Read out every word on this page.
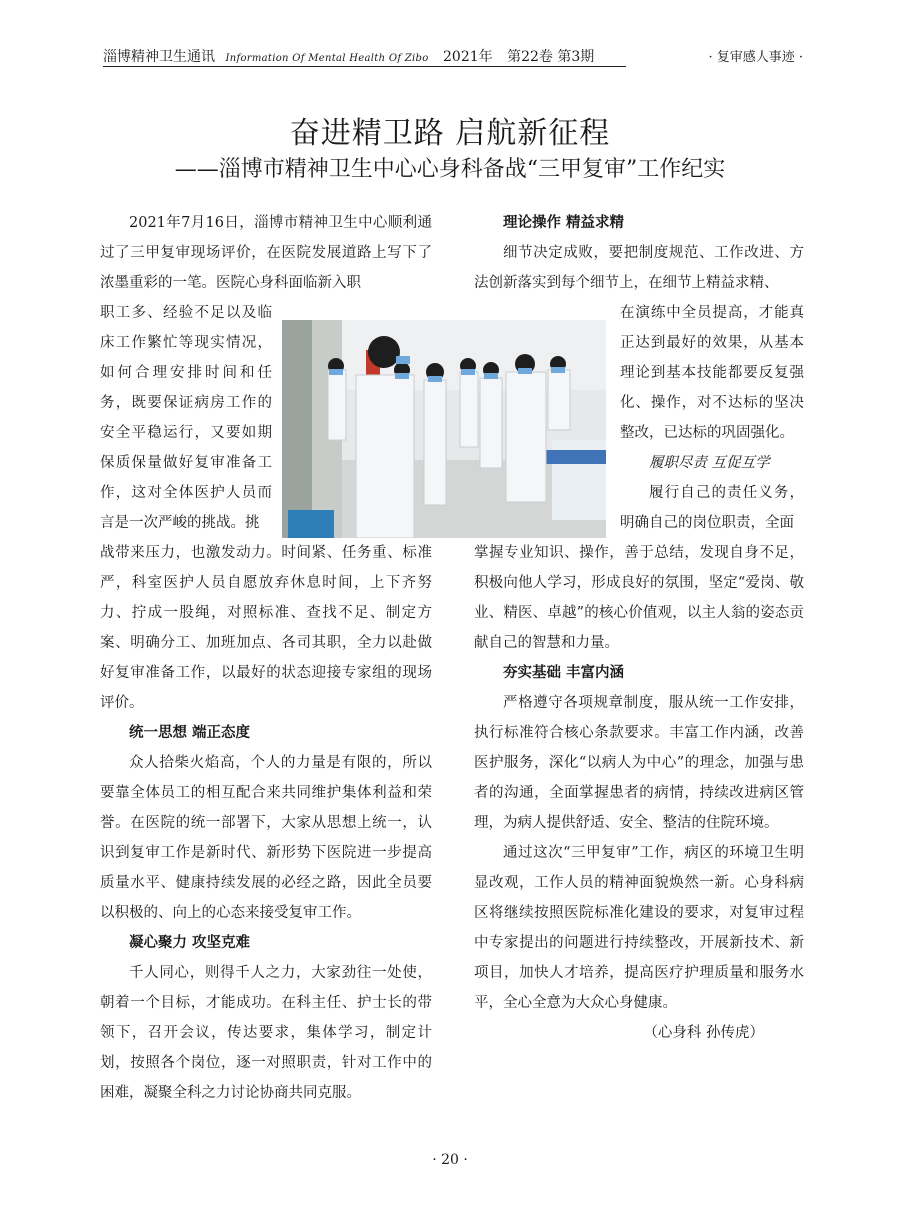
淄博精神卫生通讯 Information Of Mental Health Of Zibo 2021年 第22卷 第3期	· 复审感人事迹 ·
奋进精卫路 启航新征程
——淄博市精神卫生中心心身科备战“三甲复审”工作纪实

2021年7月16日，淄博市精神卫生中心顺利通过了三甲复审现场评价，在医院发展道路上写下了浓墨重彩的一笔。医院心身科面临新入职

职工多、经验不足以及临床工作繁忙等现实情况，如何合理安排时间和任务，既要保证病房工作的安全平稳运行，又要如期保质保量做好复审准备工作，这对全体医护人员而言是一次严峻的挑战。挑

战带来压力，也激发动力。时间紧、任务重、标准严，科室医护人员自愿放弃休息时间，上下齐努力、拧成一股绳，对照标准、查找不足、制定方案、明确分工、加班加点、各司其职，全力以赴做好复审准备工作，以最好的状态迎接专家组的现场评价。

统一思想 端正态度

众人拾柴火焰高，个人的力量是有限的，所以要靠全体员工的相互配合来共同维护集体利益和荣誉。在医院的统一部署下，大家从思想上统一，认识到复审工作是新时代、新形势下医院进一步提高质量水平、健康持续发展的必经之路，因此全员要以积极的、向上的心态来接受复审工作。

凝心聚力 攻坚克难

千人同心，则得千人之力，大家劲往一处使，朝着一个目标，才能成功。在科主任、护士长的带领下，召开会议，传达要求，集体学习，制定计划，按照各个岗位，逐一对照职责，针对工作中的困难，凝聚全科之力讨论协商共同克服。

理论操作 精益求精

细节决定成败，要把制度规范、工作改进、方法创新落实到每个细节上，在细节上精益求精、

在演练中全员提高，才能真正达到最好的效果，从基本理论到基本技能都要反复强化、操作，对不达标的坚决整改，已达标的巩固强化。

履职尽责 互促互学

履行自己的责任义务，明确自己的岗位职责，全面

掌握专业知识、操作，善于总结，发现自身不足，积极向他人学习，形成良好的氛围，坚定“爱岗、敬业、精医、卓越”的核心价值观，以主人翁的姿态贡献自己的智慧和力量。

夯实基础 丰富内涵

严格遵守各项规章制度，服从统一工作安排，执行标准符合核心条款要求。丰富工作内涵，改善医护服务，深化“以病人为中心”的理念，加强与患者的沟通，全面掌握患者的病情，持续改进病区管理，为病人提供舒适、安全、整洁的住院环境。

通过这次“三甲复审”工作，病区的环境卫生明显改观，工作人员的精神面貌焕然一新。心身科病区将继续按照医院标准化建设的要求，对复审过程中专家提出的问题进行持续整改，开展新技术、新项目，加快人才培养，提高医疗护理质量和服务水平，全心全意为大众心身健康。

（心身科 孙传虎）

· 20 ·
